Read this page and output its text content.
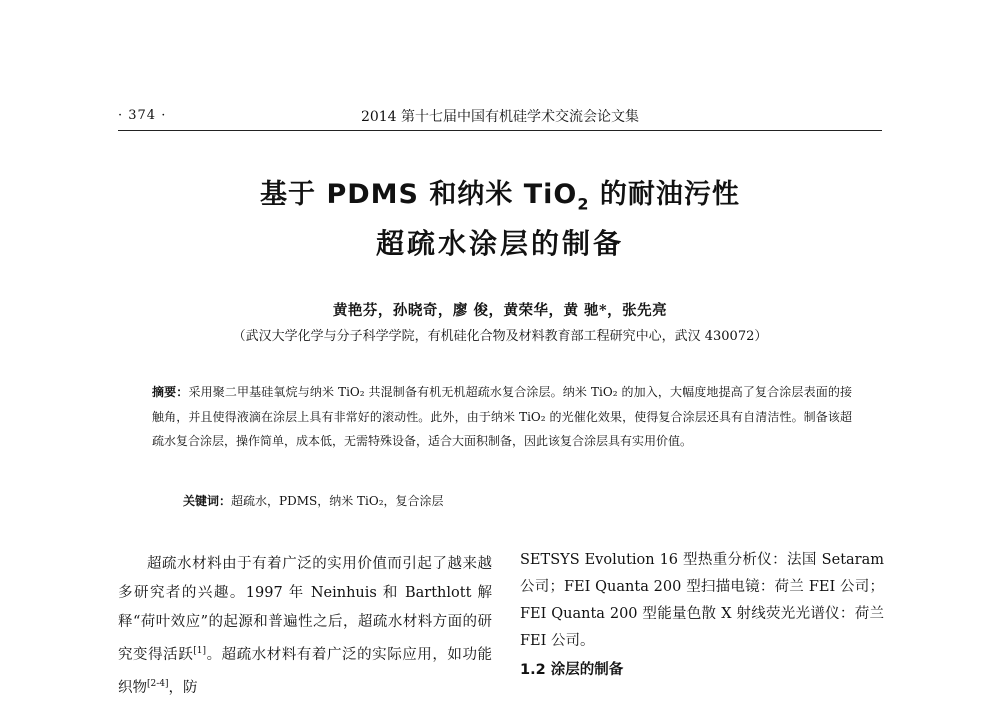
· 374 ·	2014 第十七届中国有机硅学术交流会论文集
基于 PDMS 和纳米 TiO$_2$ 的耐油污性
超疏水涂层的制备
黄艳芬，孙晓奇，廖 俊，黄荣华，黄 驰*，张先亮
（武汉大学化学与分子科学学院，有机硅化合物及材料教育部工程研究中心，武汉 430072）
摘要：采用聚二甲基硅氧烷与纳米 TiO₂ 共混制备有机无机超疏水复合涂层。纳米 TiO₂ 的加入，大幅度地提高了复合涂层表面的接触角，并且使得液滴在涂层上具有非常好的滚动性。此外，由于纳米 TiO₂ 的光催化效果，使得复合涂层还具有自清洁性。制备该超疏水复合涂层，操作简单，成本低，无需特殊设备，适合大面积制备，因此该复合涂层具有实用价值。
关键词：超疏水，PDMS，纳米 TiO₂，复合涂层
超疏水材料由于有着广泛的实用价值而引起了越来越多研究者的兴趣。1997 年 Neinhuis 和 Barthlott 解释“荷叶效应”的起源和普遍性之后，超疏水材料方面的研究变得活跃[1]。超疏水材料有着广泛的实际应用，如功能织物[2-4]，防
SETSYS Evolution 16 型热重分析仪：法国 Setaram 公司；FEI Quanta 200 型扫描电镜：荷兰 FEI 公司；FEI Quanta 200 型能量色散 X 射线荧光光谱仪：荷兰 FEI 公司。
1.2 涂层的制备
